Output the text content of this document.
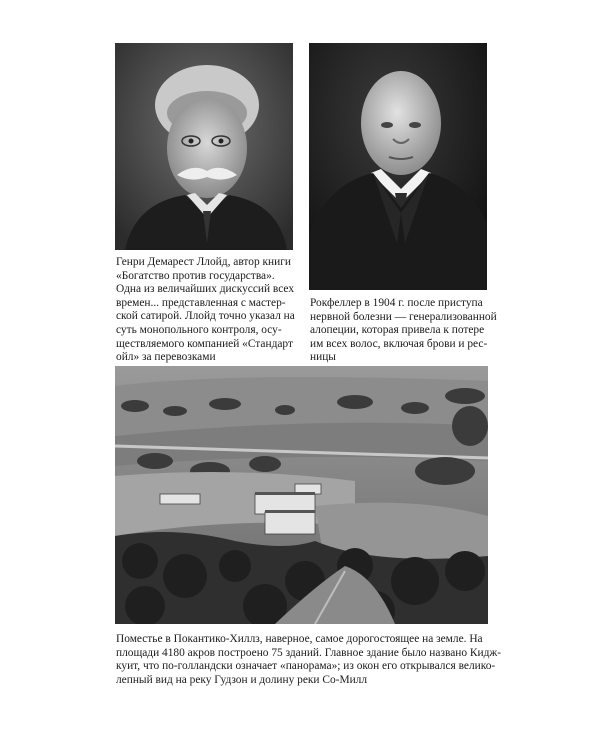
Генри Демарест Ллойд, автор книги
«Богатство против государства».
Одна из величайших дискуссий всех
времен... представленная с мастер-
ской сатирой. Ллойд точно указал на
суть монопольного контроля, осу-
ществляемого компанией «Стандарт
ойл» за перевозками
Рокфеллер в 1904 г. после приступа
нервной болезни — генерализованной
алопеции, которая привела к потере
им всех волос, включая брови и рес-
ницы
Поместье в Покантико-Хиллз, наверное, самое дорогостоящее на земле. На
площади 4180 акров построено 75 зданий. Главное здание было названо Кидж-
куит, что по-голландски означает «панорама»; из окон его открывался велико-
лепный вид на реку Гудзон и долину реки Со-Милл
